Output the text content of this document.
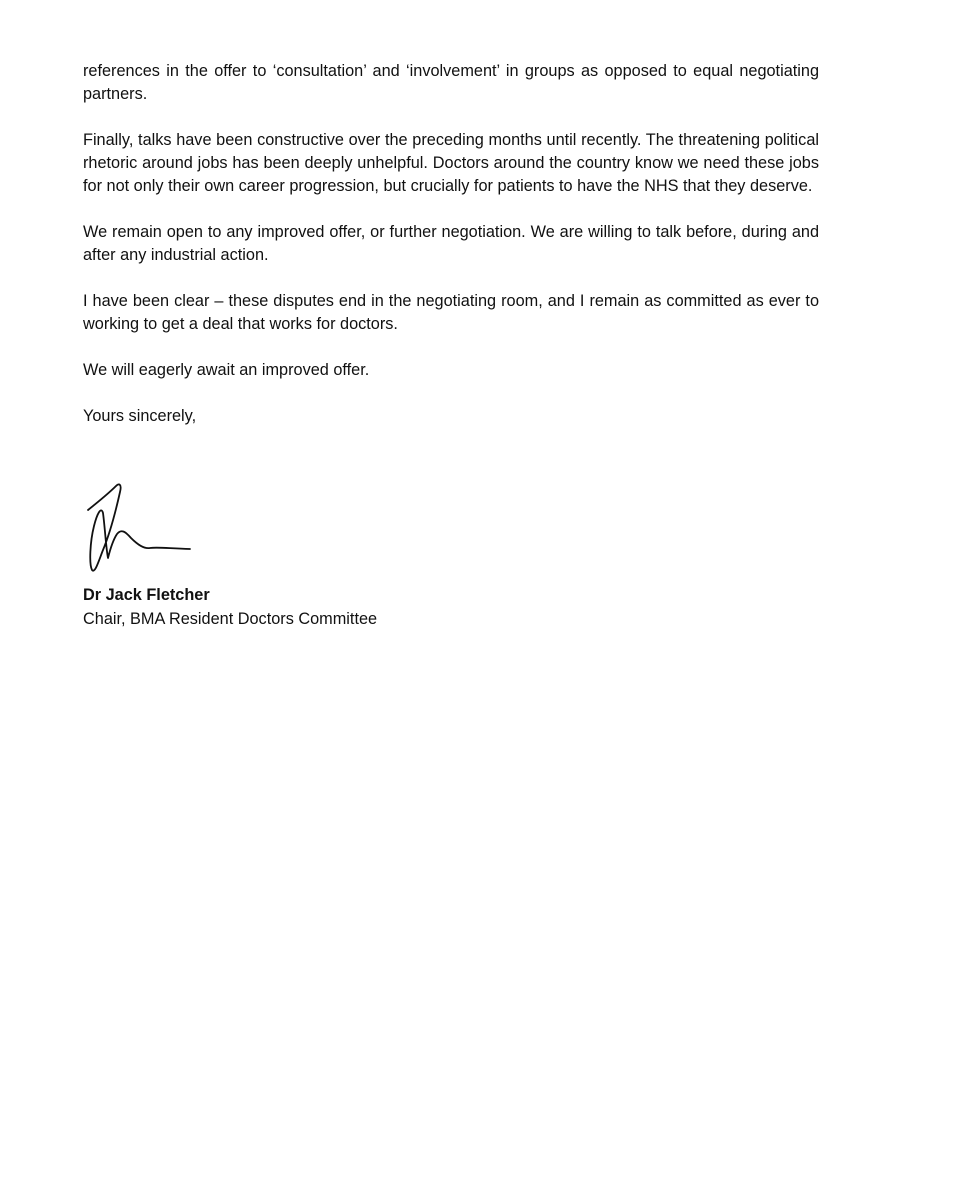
references in the offer to ‘consultation’ and ‘involvement’ in groups as opposed to equal negotiating partners.

Finally, talks have been constructive over the preceding months until recently. The threatening political rhetoric around jobs has been deeply unhelpful. Doctors around the country know we need these jobs for not only their own career progression, but crucially for patients to have the NHS that they deserve.

We remain open to any improved offer, or further negotiation. We are willing to talk before, during and after any industrial action.

I have been clear – these disputes end in the negotiating room, and I remain as committed as ever to working to get a deal that works for doctors.

We will eagerly await an improved offer.

Yours sincerely,

Dr Jack Fletcher
Chair, BMA Resident Doctors Committee
